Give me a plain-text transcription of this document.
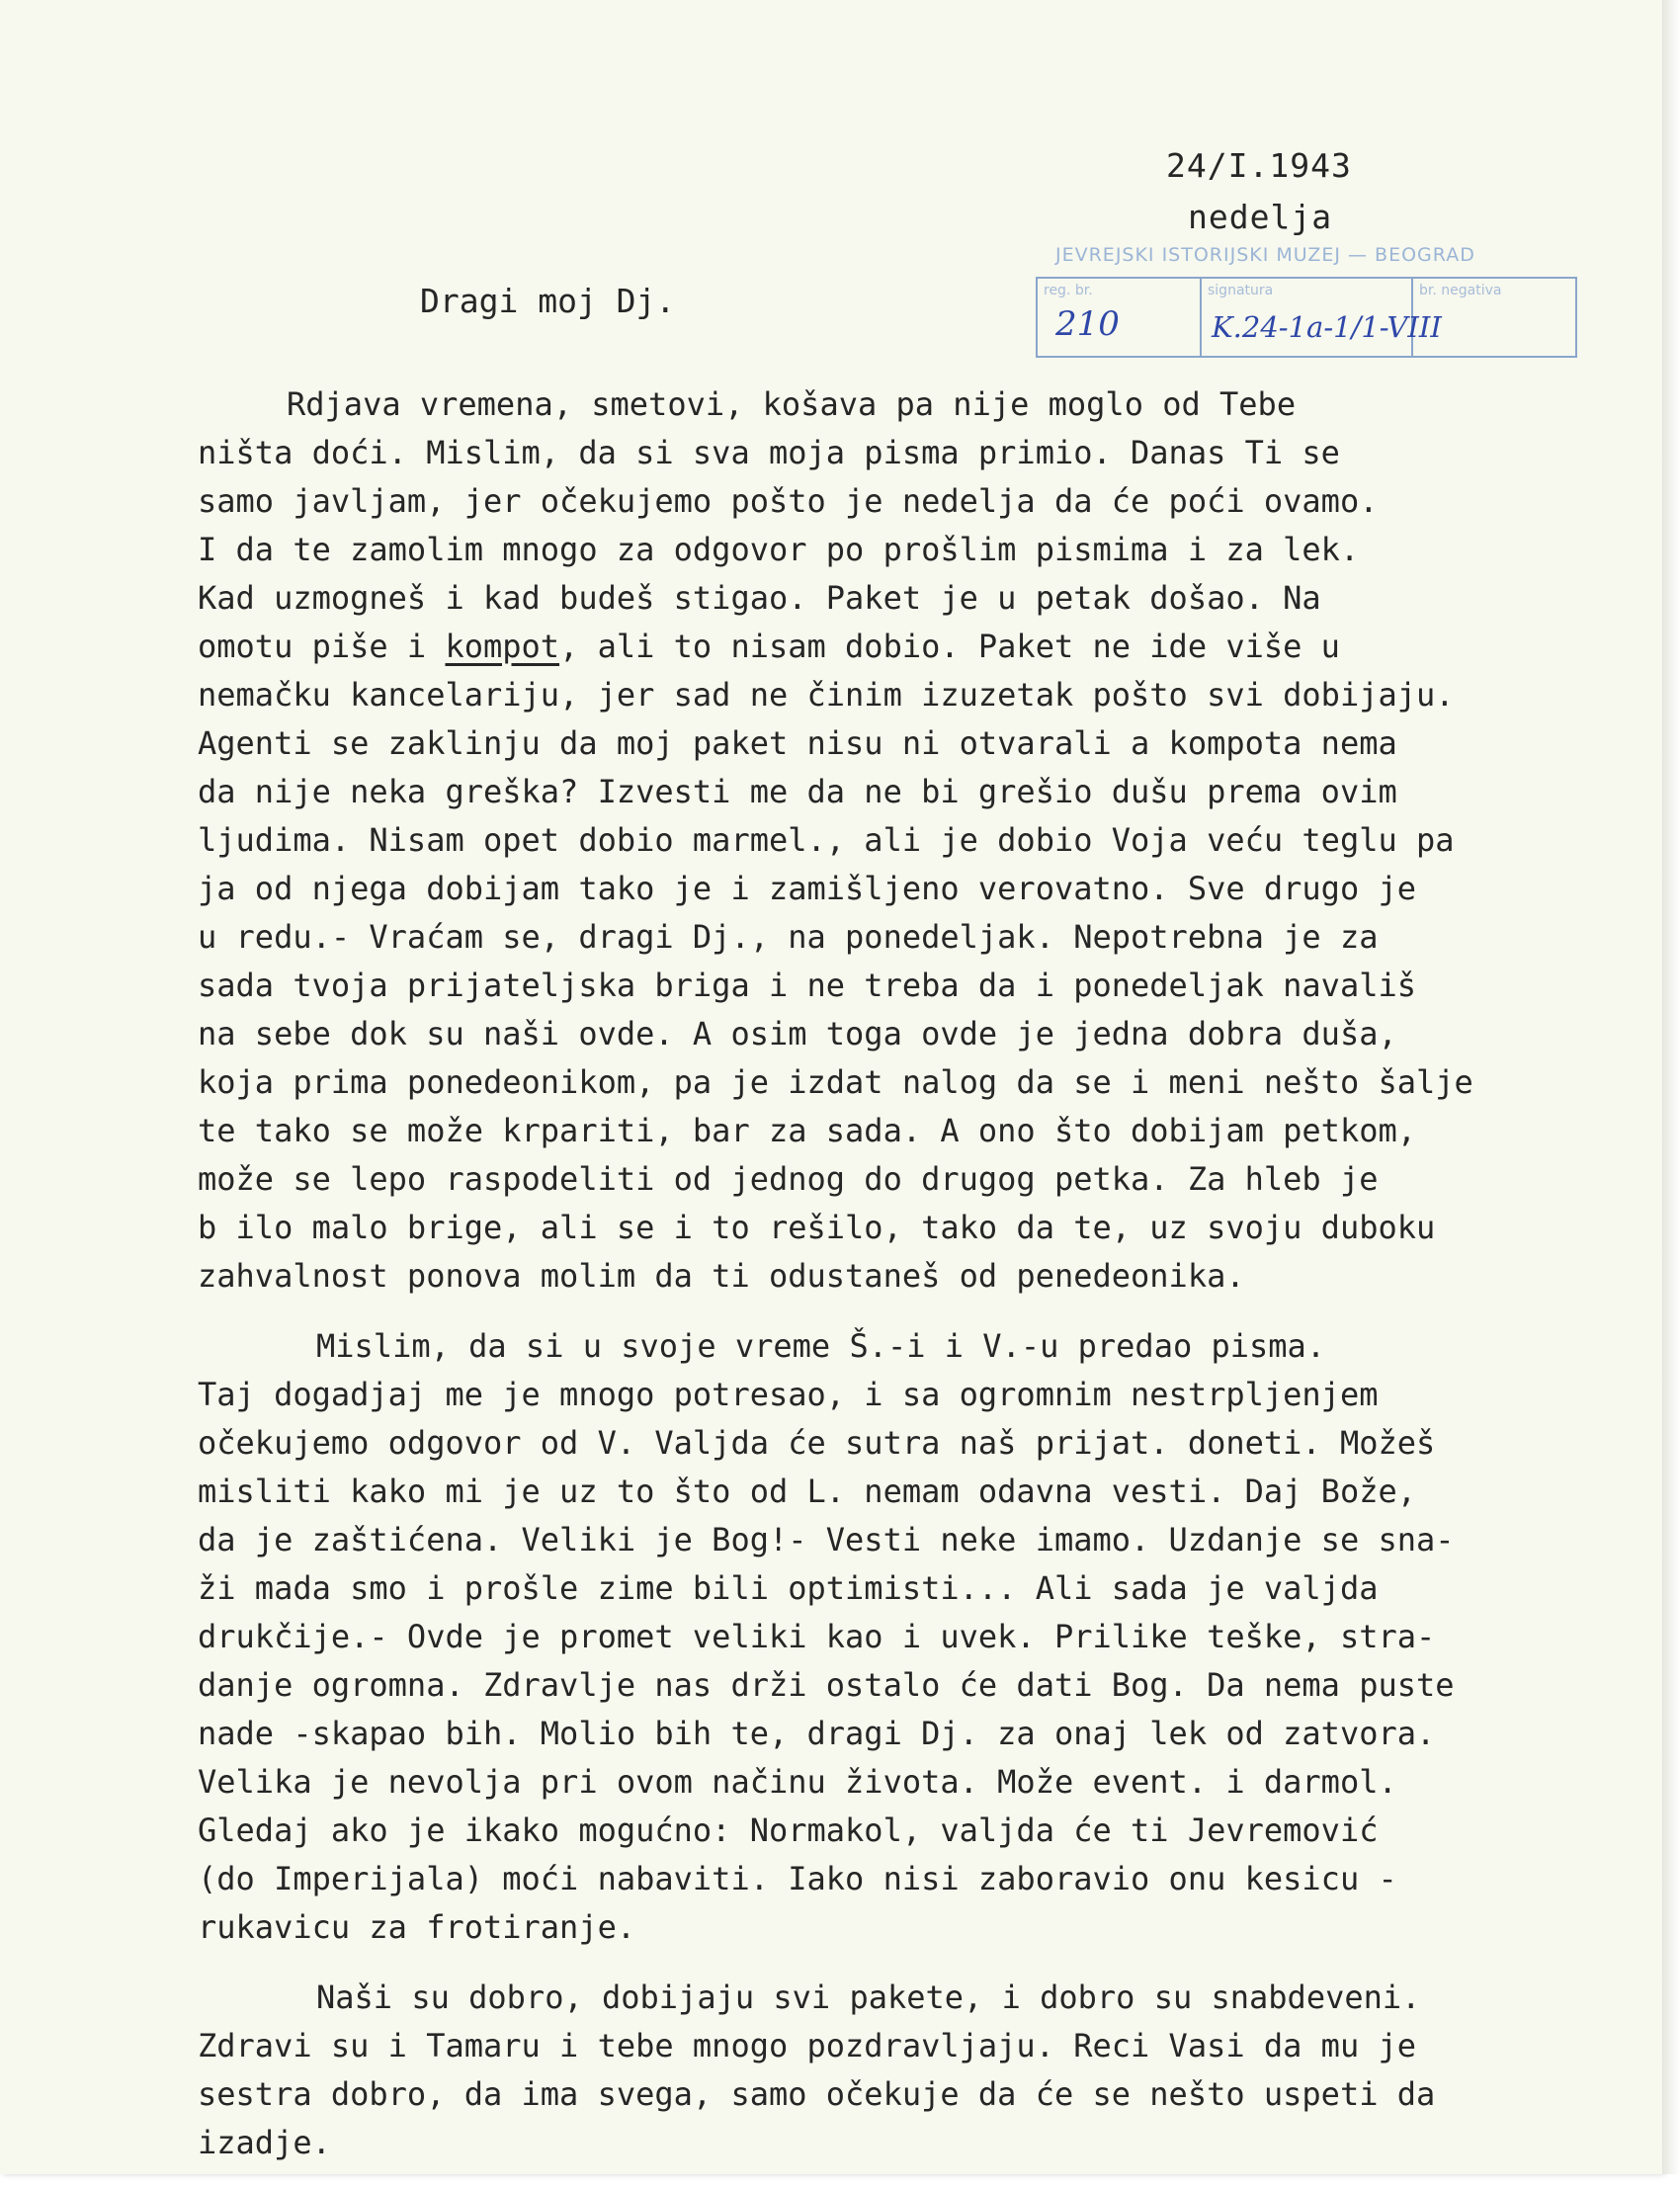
24/I.1943
nedelja
JEVREJSKI ISTORIJSKI MUZEJ — BEOGRAD
reg. br.
210
signatura
K.24-1a-1/1-VIII
br. negativa
Dragi moj Dj.

Rdjava vremena, smetovi, košava pa nije moglo od Tebe

ništa doći. Mislim, da si sva moja pisma primio. Danas Ti se

samo javljam, jer očekujemo pošto je nedelja da će poći ovamo.

I da te zamolim mnogo za odgovor po prošlim pismima i za lek.

Kad uzmogneš i kad budeš stigao. Paket je u petak došao. Na

omotu piše i kompot, ali to nisam dobio. Paket ne ide više u

nemačku kancelariju, jer sad ne činim izuzetak pošto svi dobijaju.

Agenti se zaklinju da moj paket nisu ni otvarali a kompota nema

da nije neka greška? Izvesti me da ne bi grešio dušu prema ovim

ljudima. Nisam opet dobio marmel., ali je dobio Voja veću teglu pa

ja od njega dobijam tako je i zamišljeno verovatno. Sve drugo je

u redu.- Vraćam se, dragi Dj., na ponedeljak. Nepotrebna je za

sada tvoja prijateljska briga i ne treba da i ponedeljak navališ

na sebe dok su naši ovde. A osim toga ovde je jedna dobra duša,

koja prima ponedeonikom, pa je izdat nalog da se i meni nešto šalje

te tako se može krpariti, bar za sada. A ono što dobijam petkom,

može se lepo raspodeliti od jednog do drugog petka. Za hleb je

b ilo malo brige, ali se i to rešilo, tako da te, uz svoju duboku

zahvalnost ponova molim da ti odustaneš od penedeonika.

Mislim, da si u svoje vreme Š.-i i V.-u predao pisma.

Taj dogadjaj me je mnogo potresao, i sa ogromnim nestrpljenjem

očekujemo odgovor od V. Valjda će sutra naš prijat. doneti. Možeš

misliti kako mi je uz to što od L. nemam odavna vesti. Daj Bože,

da je zaštićena. Veliki je Bog!- Vesti neke imamo. Uzdanje se sna-

ži mada smo i prošle zime bili optimisti... Ali sada je valjda

drukčije.- Ovde je promet veliki kao i uvek. Prilike teške, stra-

danje ogromna. Zdravlje nas drži ostalo će dati Bog. Da nema puste

nade -skapao bih. Molio bih te, dragi Dj. za onaj lek od zatvora.

Velika je nevolja pri ovom načinu života. Može event. i darmol.

Gledaj ako je ikako mogućno: Normakol, valjda će ti Jevremović

(do Imperijala) moći nabaviti. Iako nisi zaboravio onu kesicu -

rukavicu za frotiranje.

Naši su dobro, dobijaju svi pakete, i dobro su snabdeveni.

Zdravi su i Tamaru i tebe mnogo pozdravljaju. Reci Vasi da mu je

sestra dobro, da ima svega, samo očekuje da će se nešto uspeti da

izadje.
